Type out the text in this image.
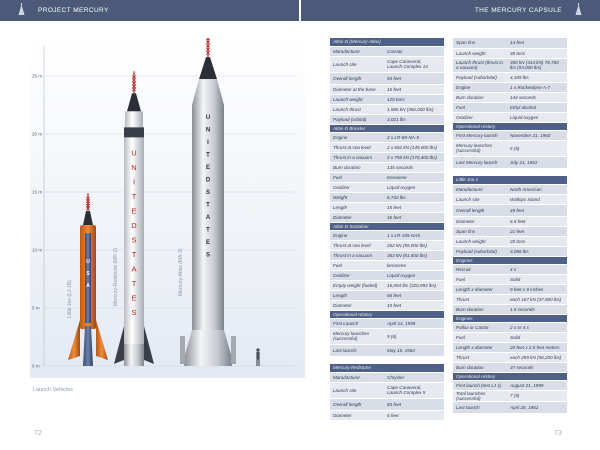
PROJECT MERCURY	THE MERCURY CAPSULE
25 m
20 m
15 m
10 m
5 m
0 m
U
S
A
Little Joe (LJ-1B)
U
N
I
T
E
D
S
T
A
T
E
S
Mercury-Redstone (MR-2)
U
N
I
T
E
D
S
T
A
T
E
S
Mercury-Atlas (MA-3)
Launch Vehicles
Atlas-D (Mercury-Atlas)	
Manufacturer	Convair
Launch site	Cape Canaveral,
Launch Complex 14
Overall length	94 feet
Diameter at the base	16 feet
Launch weight	120 tons
Launch thrust	1,586 kN (356,000 lbs)
Payload (orbital)	3,021 lbs
Atlas-D Booster	
Engine	2 x LR-89-NA-5
Thrust at sea level	2 x 662 kN (149,000 lbs)
Thrust in a vacuum	2 x 758 kN (170,400 lbs)
Burn duration	135 seconds
Fuel	Kerosene
Oxidizer	Liquid oxygen
Weight	6,742 lbs
Length	15 feet
Diameter	16 feet
Atlas-D Sustainer	
Engine	1 x LR-105-NA5
Thrust at sea level	262 kN (59,000 lbs)
Thrust in a vacuum	363 kN (81,600 lbs)
Fuel	kerosene
Oxidizer	Liquid oxygen
Empty weight (fueled)	16,094 lbs (320,993 lbs)
Length	66 feet
Diameter	10 feet
Operational History	
First Launch	April 14, 1959
Mercury launches
(successful)	9 (6)
Last launch	May 15, 1963

Mercury-Redstone	
Manufacturer	Chrysler
Launch site	Cape Canaveral,
Launch Complex 5
Overall length	83 feet
Diameter	6 feet
Span fins	14 feet
Launch weight	30 tons
Launch thrust (thrust in
a vacuum)	350 kN (414 kN) 78,700
lbs (93,000 lbs)
Payload (suborbital)	4,109 lbs
Engine	1 x Rocketdyne A-7
Burn duration	144 seconds
Fuel	Ethyl alcohol
Oxidizer	Liquid oxygen
Operational History	
First Mercury launch	November 21, 1960
Mercury launches
(successful)	6 (5)
Last Mercury launch	July 21, 1961

Little Joe 1	
Manufacturer	North American
Launch site	Wallops Island
Overall length	49 feet
Diameter	6.5 feet
Span fins	21 feet
Launch weight	20 tons
Payload (suborbital)	3,086 lbs
Engines	
Recruit	4 x
Fuel	Solid
Length x diameter	9 feet x 9 inches
Thrust	each 167 kN (37,500 lbs)
Burn duration	1.5 seconds
Engines	
Pollux or Castor	2 x or 4 x
Fuel	Solid
Length x diameter	20 feet x 2.5 feet meters
Thrust	each 259 kN (58,200 lbs)
Burn duration	37 seconds
Operational History	
First launch (test LJ 1)	August 21, 1959
Total launches (successful)	7 (5)
Last launch	April 28, 1961
72	73
